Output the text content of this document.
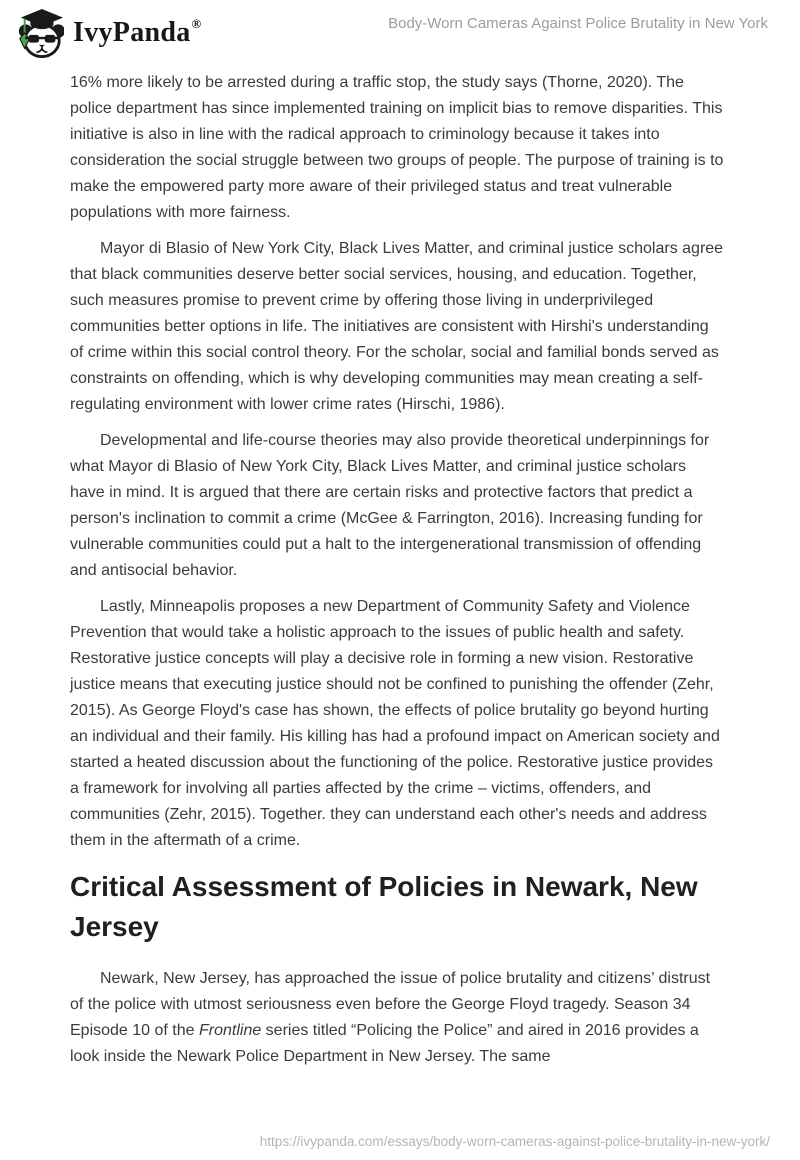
IvyPanda ®	Body-Worn Cameras Against Police Brutality in New York

16% more likely to be arrested during a traffic stop, the study says (Thorne, 2020). The police department has since implemented training on implicit bias to remove disparities. This initiative is also in line with the radical approach to criminology because it takes into consideration the social struggle between two groups of people. The purpose of training is to make the empowered party more aware of their privileged status and treat vulnerable populations with more fairness.

Mayor di Blasio of New York City, Black Lives Matter, and criminal justice scholars agree that black communities deserve better social services, housing, and education. Together, such measures promise to prevent crime by offering those living in underprivileged communities better options in life. The initiatives are consistent with Hirshi's understanding of crime within this social control theory. For the scholar, social and familial bonds served as constraints on offending, which is why developing communities may mean creating a self-regulating environment with lower crime rates (Hirschi, 1986).

Developmental and life-course theories may also provide theoretical underpinnings for what Mayor di Blasio of New York City, Black Lives Matter, and criminal justice scholars have in mind. It is argued that there are certain risks and protective factors that predict a person's inclination to commit a crime (McGee & Farrington, 2016). Increasing funding for vulnerable communities could put a halt to the intergenerational transmission of offending and antisocial behavior.

Lastly, Minneapolis proposes a new Department of Community Safety and Violence Prevention that would take a holistic approach to the issues of public health and safety. Restorative justice concepts will play a decisive role in forming a new vision. Restorative justice means that executing justice should not be confined to punishing the offender (Zehr, 2015). As George Floyd's case has shown, the effects of police brutality go beyond hurting an individual and their family. His killing has had a profound impact on American society and started a heated discussion about the functioning of the police. Restorative justice provides a framework for involving all parties affected by the crime – victims, offenders, and communities (Zehr, 2015). Together. they can understand each other's needs and address them in the aftermath of a crime.

Critical Assessment of Policies in Newark, New Jersey

Newark, New Jersey, has approached the issue of police brutality and citizens’ distrust of the police with utmost seriousness even before the George Floyd tragedy. Season 34 Episode 10 of the Frontline series titled “Policing the Police” and aired in 2016 provides a look inside the Newark Police Department in New Jersey. The same

https://ivypanda.com/essays/body-worn-cameras-against-police-brutality-in-new-york/
